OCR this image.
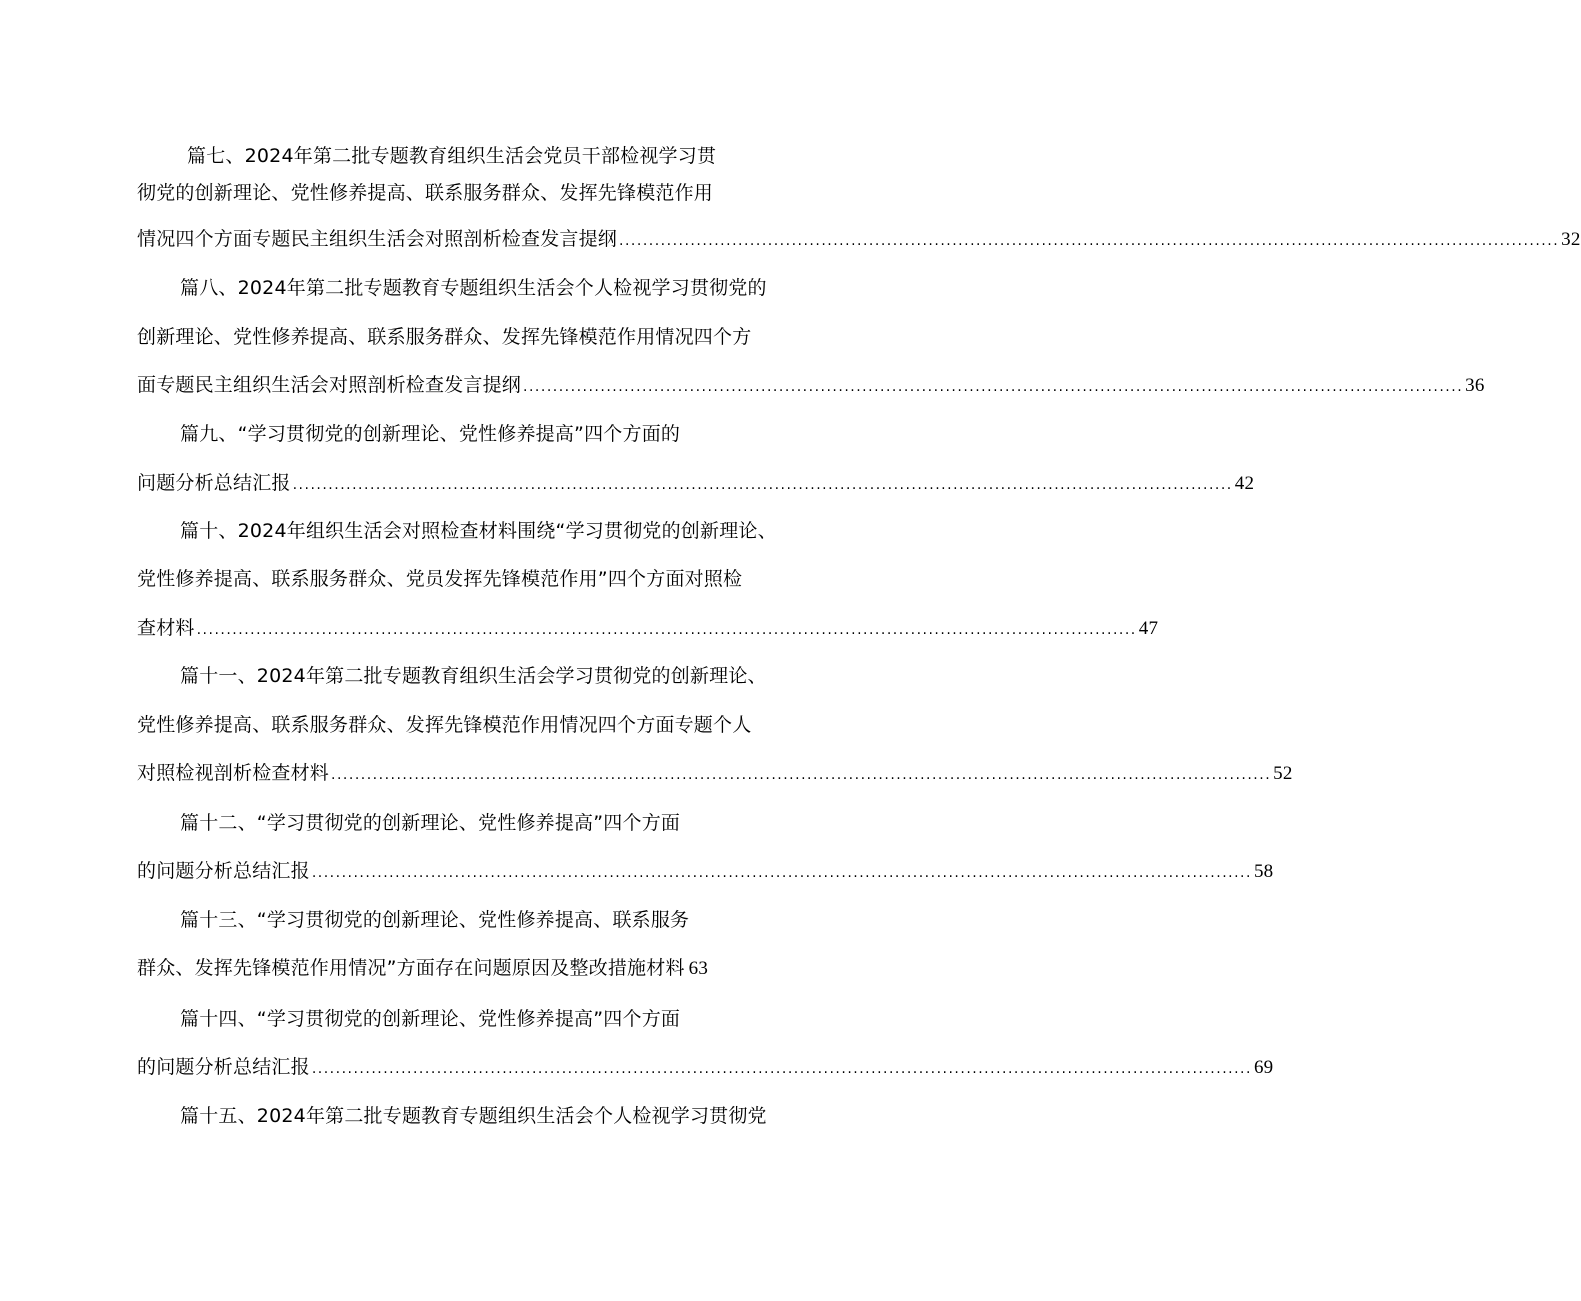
篇七、2024年第二批专题教育组织生活会党员干部检视学习贯
彻党的创新理论、党性修养提高、联系服务群众、发挥先锋模范作用
情况四个方面专题民主组织生活会对照剖析检查发言提纲 .............................................................................................................................................................. 32
篇八、2024年第二批专题教育专题组织生活会个人检视学习贯彻党的
创新理论、党性修养提高、联系服务群众、发挥先锋模范作用情况四个方
面专题民主组织生活会对照剖析检查发言提纲 .............................................................................................................................................................. 36
篇九、“学习贯彻党的创新理论、党性修养提高”四个方面的
问题分析总结汇报 .............................................................................................................................................................. 42
篇十、2024年组织生活会对照检查材料围绕“学习贯彻党的创新理论、
党性修养提高、联系服务群众、党员发挥先锋模范作用”四个方面对照检
查材料 .............................................................................................................................................................. 47
篇十一、2024年第二批专题教育组织生活会学习贯彻党的创新理论、
党性修养提高、联系服务群众、发挥先锋模范作用情况四个方面专题个人
对照检视剖析检查材料 .............................................................................................................................................................. 52
篇十二、“学习贯彻党的创新理论、党性修养提高”四个方面
的问题分析总结汇报 .............................................................................................................................................................. 58
篇十三、“学习贯彻党的创新理论、党性修养提高、联系服务
群众、发挥先锋模范作用情况”方面存在问题原因及整改措施材料 63
篇十四、“学习贯彻党的创新理论、党性修养提高”四个方面
的问题分析总结汇报 .............................................................................................................................................................. 69
篇十五、2024年第二批专题教育专题组织生活会个人检视学习贯彻党
